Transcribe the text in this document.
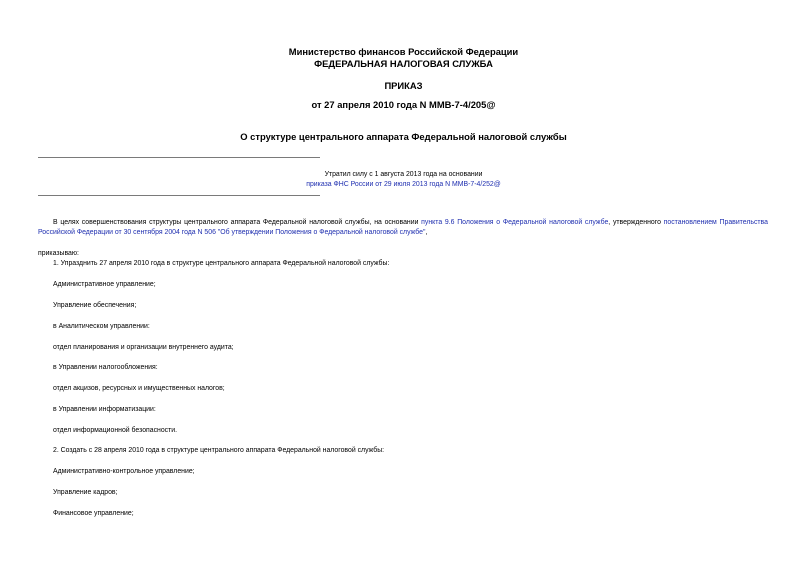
Министерство финансов Российской Федерации
ФЕДЕРАЛЬНАЯ НАЛОГОВАЯ СЛУЖБА
ПРИКАЗ
от 27 апреля 2010 года N ММВ-7-4/205@
О структуре центрального аппарата Федеральной налоговой службы
Утратил силу с 1 августа 2013 года на основании
приказа ФНС России от 29 июля 2013 года N ММВ-7-4/252@
В целях совершенствования структуры центрального аппарата Федеральной налоговой службы, на основании пункта 9.6 Положения о Федеральной налоговой службе, утвержденного постановлением Правительства Российской Федерации от 30 сентября 2004 года N 506 "Об утверждении Положения о Федеральной налоговой службе",
приказываю:
1. Упразднить 27 апреля 2010 года в структуре центрального аппарата Федеральной налоговой службы:
Административное управление;
Управление обеспечения;
в Аналитическом управлении:
отдел планирования и организации внутреннего аудита;
в Управлении налогообложения:
отдел акцизов, ресурсных и имущественных налогов;
в Управлении информатизации:
отдел информационной безопасности.
2. Создать с 28 апреля 2010 года в структуре центрального аппарата Федеральной налоговой службы:
Административно-контрольное управление;
Управление кадров;
Финансовое управление;
